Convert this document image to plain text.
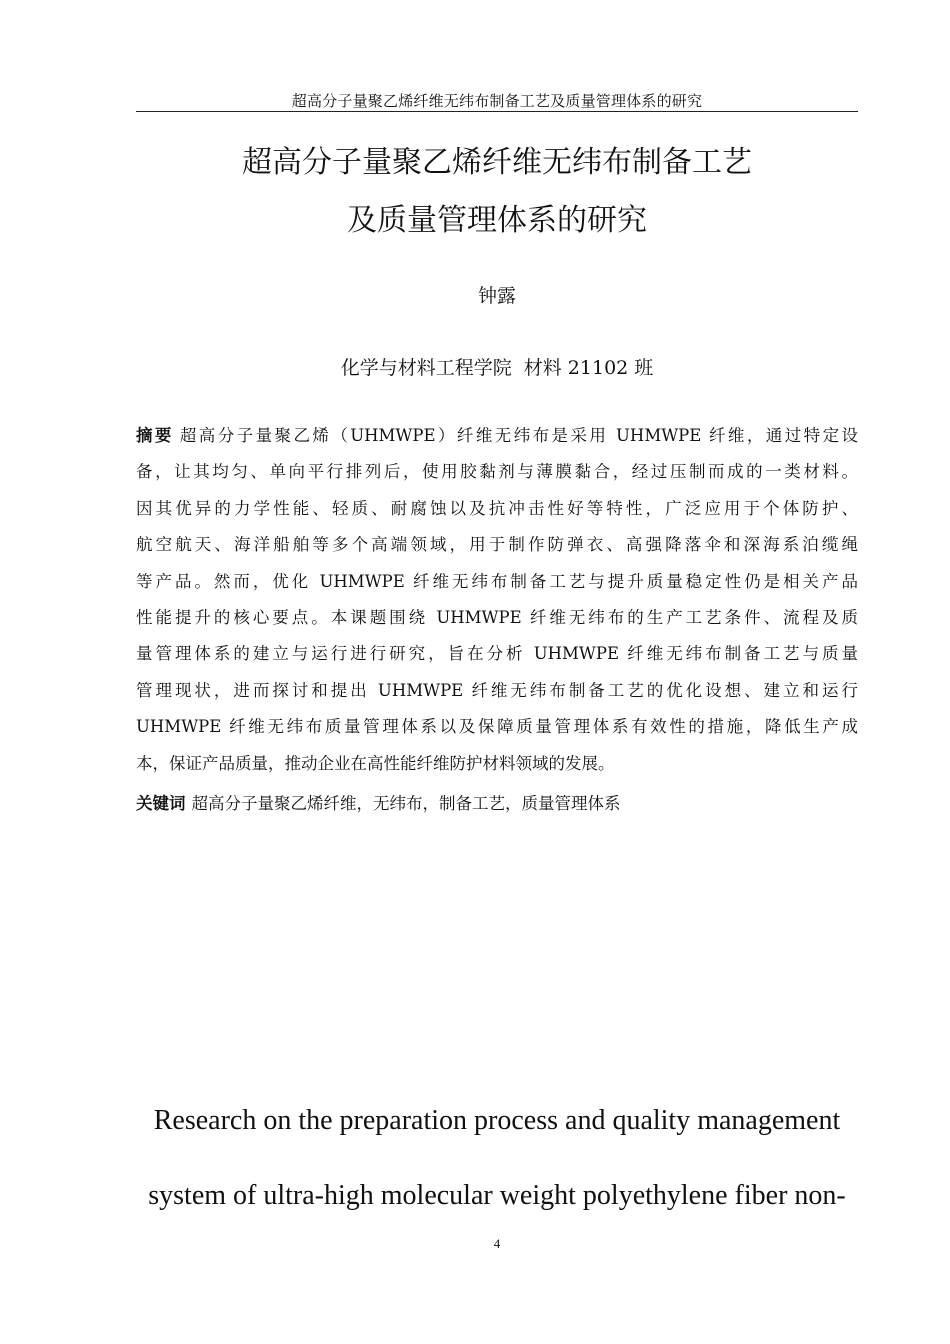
超高分子量聚乙烯纤维无纬布制备工艺及质量管理体系的研究
超高分子量聚乙烯纤维无纬布制备工艺
及质量管理体系的研究
钟露
化学与材料工程学院  材料 21102 班
摘要 超高分子量聚乙烯（UHMWPE）纤维无纬布是采用 UHMWPE 纤维，通过特定设
备，让其均匀、单向平行排列后，使用胶黏剂与薄膜黏合，经过压制而成的一类材料。
因其优异的力学性能、轻质、耐腐蚀以及抗冲击性好等特性，广泛应用于个体防护、
航空航天、海洋船舶等多个高端领域，用于制作防弹衣、高强降落伞和深海系泊缆绳
等产品。然而，优化 UHMWPE 纤维无纬布制备工艺与提升质量稳定性仍是相关产品
性能提升的核心要点。本课题围绕 UHMWPE 纤维无纬布的生产工艺条件、流程及质
量管理体系的建立与运行进行研究，旨在分析 UHMWPE 纤维无纬布制备工艺与质量
管理现状，进而探讨和提出 UHMWPE 纤维无纬布制备工艺的优化设想、建立和运行
UHMWPE 纤维无纬布质量管理体系以及保障质量管理体系有效性的措施，降低生产成
本，保证产品质量，推动企业在高性能纤维防护材料领域的发展。
关键词 超高分子量聚乙烯纤维，无纬布，制备工艺，质量管理体系
Research on the preparation process and quality management
system of ultra-high molecular weight polyethylene fiber non-
4
